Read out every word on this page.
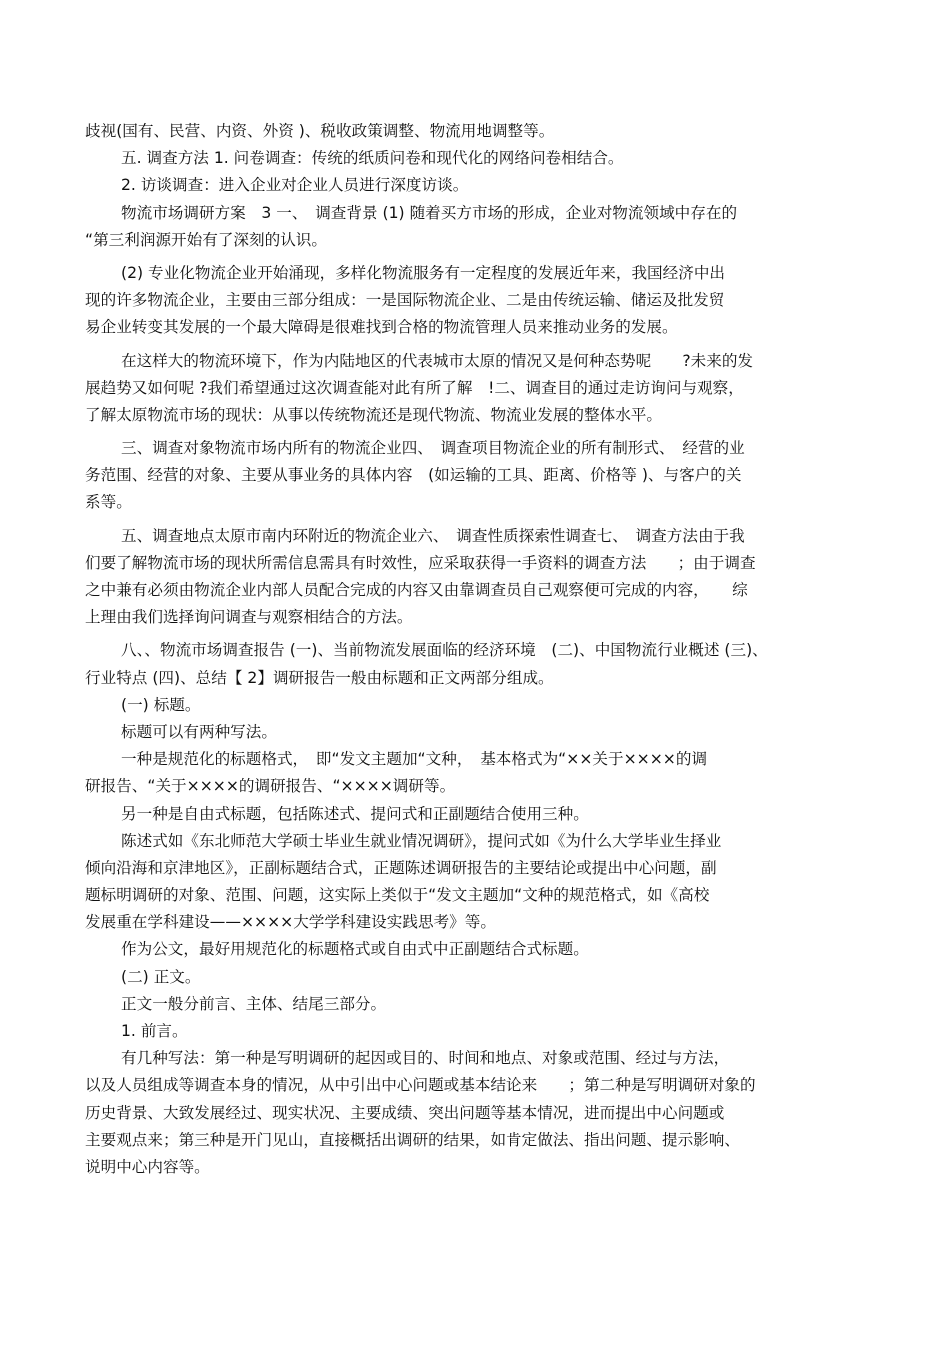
歧视(国有、民营、内资、外资 )、税收政策调整、物流用地调整等。
五. 调查方法 1. 问卷调查：传统的纸质问卷和现代化的网络问卷相结合。
2. 访谈调查：进入企业对企业人员进行深度访谈。
物流市场调研方案　3 一、　调查背景 (1) 随着买方市场的形成，企业对物流领域中存在的
“第三利润源开始有了深刻的认识。
(2) 专业化物流企业开始涌现，多样化物流服务有一定程度的发展近年来，我国经济中出
现的许多物流企业，主要由三部分组成：一是国际物流企业、二是由传统运输、储运及批发贸
易企业转变其发展的一个最大障碍是很难找到合格的物流管理人员来推动业务的发展。
在这样大的物流环境下，作为内陆地区的代表城市太原的情况又是何种态势呢　　?未来的发
展趋势又如何呢 ?我们希望通过这次调查能对此有所了解　!二、调查目的通过走访询问与观察，
了解太原物流市场的现状：从事以传统物流还是现代物流、物流业发展的整体水平。
三、调查对象物流市场内所有的物流企业四、　调查项目物流企业的所有制形式、　经营的业
务范围、经营的对象、主要从事业务的具体内容　(如运输的工具、距离、价格等 )、与客户的关
系等。
五、调查地点太原市南内环附近的物流企业六、　调查性质探索性调查七、　调查方法由于我
们要了解物流市场的现状所需信息需具有时效性，应采取获得一手资料的调查方法　　；由于调查
之中兼有必须由物流企业内部人员配合完成的内容又由靠调查员自己观察便可完成的内容，　　综
上理由我们选择询问调查与观察相结合的方法。
八、、物流市场调查报告 (一)、当前物流发展面临的经济环境　(二)、中国物流行业概述 (三)、
行业特点 (四)、总结【 2】调研报告一般由标题和正文两部分组成。
(一) 标题。
标题可以有两种写法。
一种是规范化的标题格式，　即“发文主题加“文种，　基本格式为“××关于××××的调
研报告、“关于××××的调研报告、“××××调研等。
另一种是自由式标题，包括陈述式、提问式和正副题结合使用三种。
陈述式如《东北师范大学硕士毕业生就业情况调研》，提问式如《为什么大学毕业生择业
倾向沿海和京津地区》，正副标题结合式，正题陈述调研报告的主要结论或提出中心问题，副
题标明调研的对象、范围、问题，这实际上类似于“发文主题加“文种的规范格式，如《高校
发展重在学科建设——××××大学学科建设实践思考》等。
作为公文，最好用规范化的标题格式或自由式中正副题结合式标题。
(二) 正文。
正文一般分前言、主体、结尾三部分。
1. 前言。
有几种写法：第一种是写明调研的起因或目的、时间和地点、对象或范围、经过与方法，
以及人员组成等调查本身的情况，从中引出中心问题或基本结论来　　；第二种是写明调研对象的
历史背景、大致发展经过、现实状况、主要成绩、突出问题等基本情况，进而提出中心问题或
主要观点来；第三种是开门见山，直接概括出调研的结果，如肯定做法、指出问题、提示影响、
说明中心内容等。
